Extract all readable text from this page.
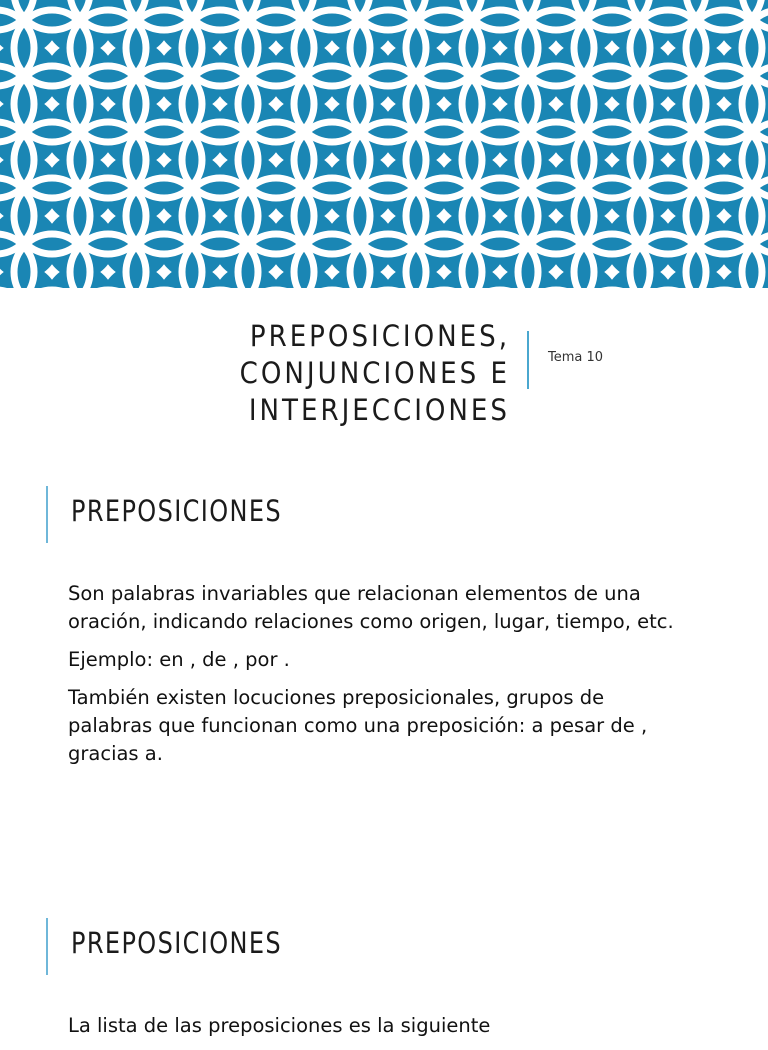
PREPOSICIONES, CONJUNCIONES E
INTERJECCIONES
Tema 10
PREPOSICIONES

Son palabras invariables que relacionan elementos de una oración, indicando relaciones como origen, lugar, tiempo, etc.

Ejemplo: en , de , por .

También existen locuciones preposicionales, grupos de palabras que funcionan como una preposición: a pesar de , gracias a.

PREPOSICIONES

La lista de las preposiciones es la siguiente
